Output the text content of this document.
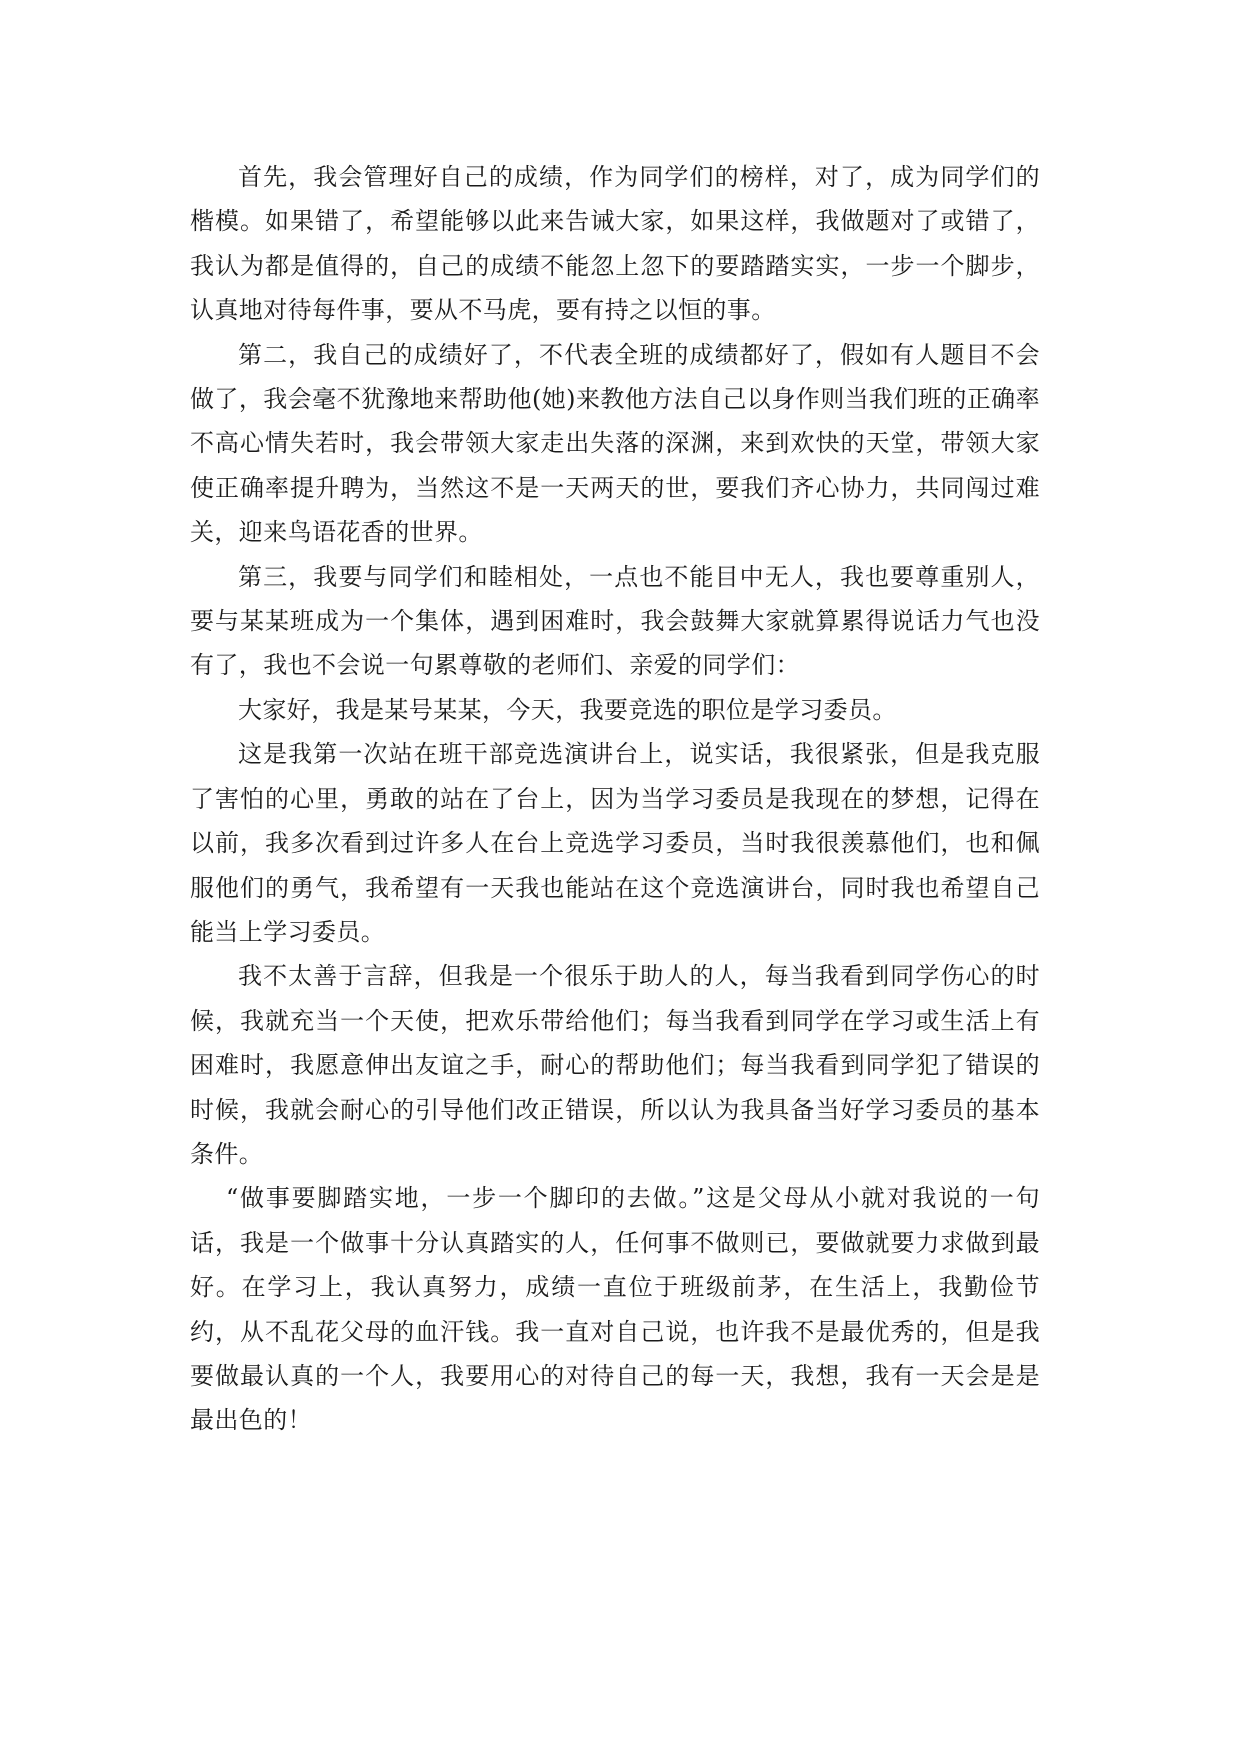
首先，我会管理好自己的成绩，作为同学们的榜样，对了，成为同学们的楷模。如果错了，希望能够以此来告诫大家，如果这样，我做题对了或错了，我认为都是值得的，自己的成绩不能忽上忽下的要踏踏实实，一步一个脚步，认真地对待每件事，要从不马虎，要有持之以恒的事。

第二，我自己的成绩好了，不代表全班的成绩都好了，假如有人题目不会做了，我会毫不犹豫地来帮助他(她)来教他方法自己以身作则当我们班的正确率不高心情失若时，我会带领大家走出失落的深渊，来到欢快的天堂，带领大家使正确率提升聘为，当然这不是一天两天的世，要我们齐心协力，共同闯过难关，迎来鸟语花香的世界。

第三，我要与同学们和睦相处，一点也不能目中无人，我也要尊重别人，要与某某班成为一个集体，遇到困难时，我会鼓舞大家就算累得说话力气也没有了，我也不会说一句累尊敬的老师们、亲爱的同学们：

大家好，我是某号某某，今天，我要竞选的职位是学习委员。

这是我第一次站在班干部竞选演讲台上，说实话，我很紧张，但是我克服了害怕的心里，勇敢的站在了台上，因为当学习委员是我现在的梦想，记得在以前，我多次看到过许多人在台上竞选学习委员，当时我很羡慕他们，也和佩服他们的勇气，我希望有一天我也能站在这个竞选演讲台，同时我也希望自己能当上学习委员。

我不太善于言辞，但我是一个很乐于助人的人，每当我看到同学伤心的时候，我就充当一个天使，把欢乐带给他们；每当我看到同学在学习或生活上有困难时，我愿意伸出友谊之手，耐心的帮助他们；每当我看到同学犯了错误的时候，我就会耐心的引导他们改正错误，所以认为我具备当好学习委员的基本条件。

“做事要脚踏实地，一步一个脚印的去做。”这是父母从小就对我说的一句话，我是一个做事十分认真踏实的人，任何事不做则已，要做就要力求做到最好。在学习上，我认真努力，成绩一直位于班级前茅，在生活上，我勤俭节约，从不乱花父母的血汗钱。我一直对自己说，也许我不是最优秀的，但是我要做最认真的一个人，我要用心的对待自己的每一天，我想，我有一天会是是最出色的！
